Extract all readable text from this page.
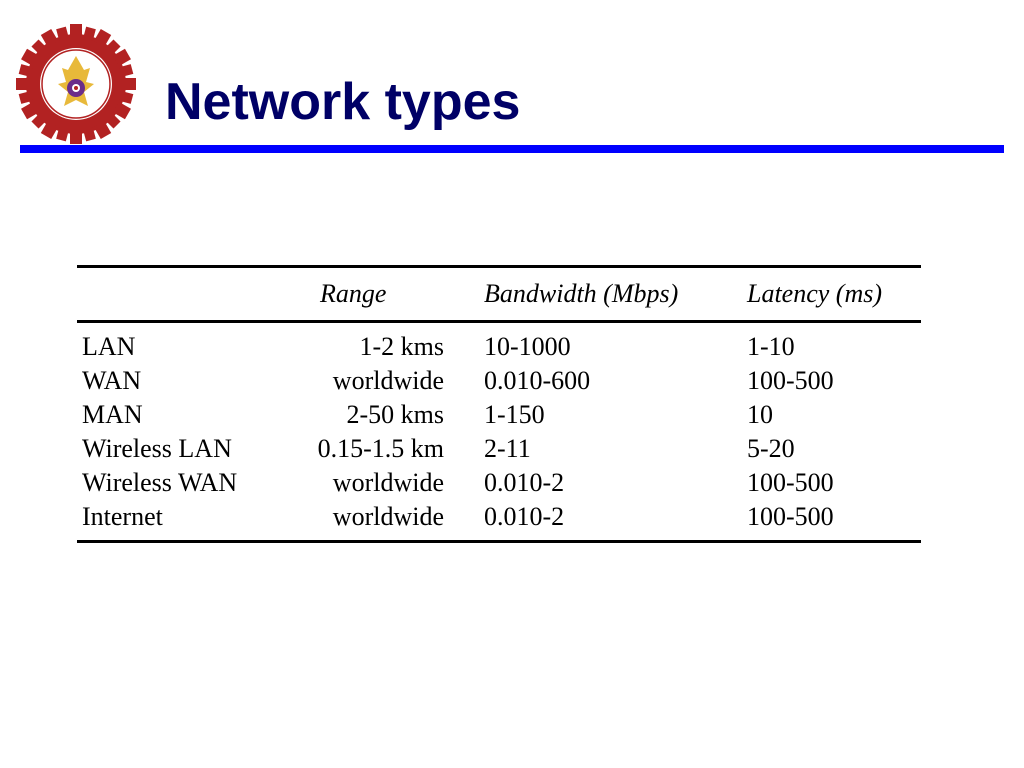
Network types
	Range	Bandwidth (Mbps)	Latency (ms)
LAN	1-2 kms	10-1000	1-10
WAN	worldwide	0.010-600	100-500
MAN	2-50 kms	1-150	10
Wireless LAN	0.15-1.5 km	2-11	5-20
Wireless WAN	worldwide	0.010-2	100-500
Internet	worldwide	0.010-2	100-500
